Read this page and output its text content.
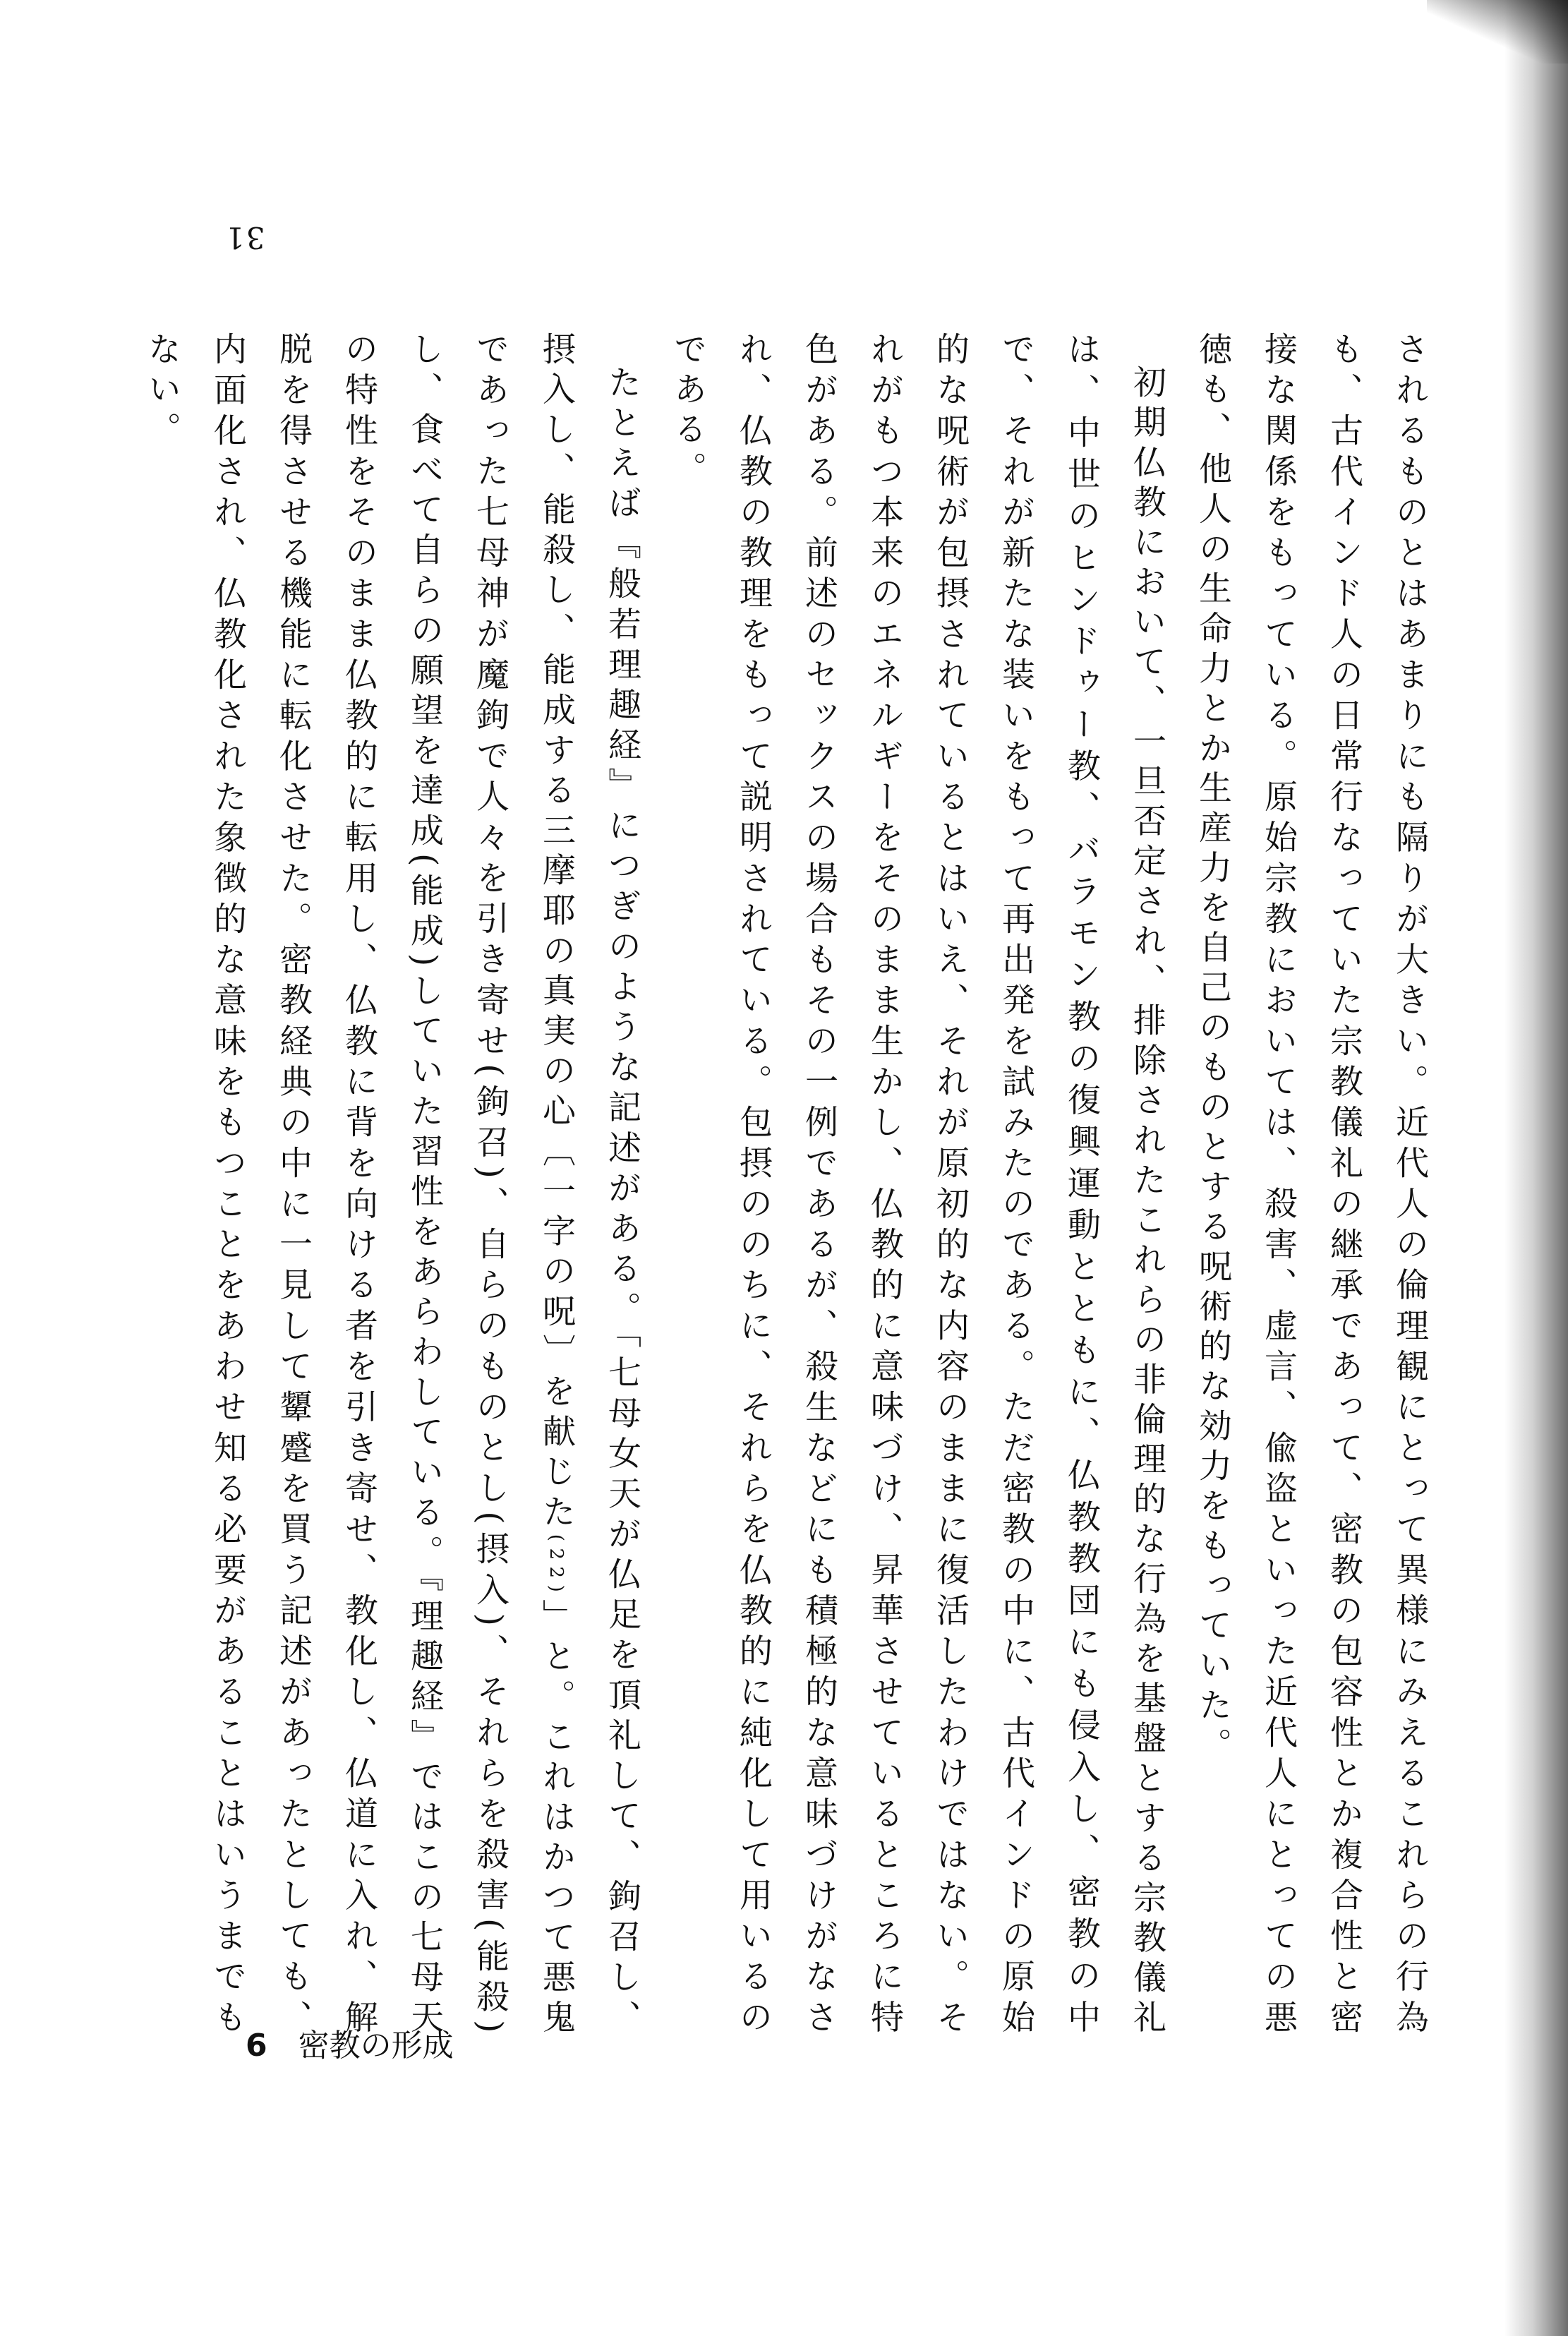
31

されるものとはあまりにも隔りが大きい。近代人の倫理観にとって異様にみえるこれらの行為も、古代インド人の日常行なっていた宗教儀礼の継承であって、密教の包容性とか複合性と密接な関係をもっている。原始宗教においては、殺害、虚言、偸盗といった近代人にとっての悪徳も、他人の生命力とか生産力を自己のものとする呪術的な効力をもっていた。

初期仏教において、一旦否定され、排除されたこれらの非倫理的な行為を基盤とする宗教儀礼は、中世のヒンドゥー教、バラモン教の復興運動とともに、仏教教団にも侵入し、密教の中で、それが新たな装いをもって再出発を試みたのである。ただ密教の中に、古代インドの原始的な呪術が包摂されているとはいえ、それが原初的な内容のままに復活したわけではない。それがもつ本来のエネルギーをそのまま生かし、仏教的に意味づけ、昇華させているところに特色がある。前述のセックスの場合もその一例であるが、殺生などにも積極的な意味づけがなされ、仏教の教理をもって説明されている。包摂ののちに、それらを仏教的に純化して用いるのである。

たとえば『般若理趣経』につぎのような記述がある。「七母女天が仏足を頂礼して、鉤召し、摂入し、能殺し、能成する三摩耶の真実の心〔一字の呪〕を献じた(22)」と。これはかつて悪鬼であった七母神が魔鉤で人々を引き寄せ(鉤召)、自らのものとし(摂入)、それらを殺害(能殺)し、食べて自らの願望を達成(能成)していた習性をあらわしている。『理趣経』ではこの七母天の特性をそのまま仏教的に転用し、仏教に背を向ける者を引き寄せ、教化し、仏道に入れ、解脱を得させる機能に転化させた。密教経典の中に一見して顰蹙を買う記述があったとしても、内面化され、仏教化された象徴的な意味をもつことをあわせ知る必要があることはいうまでもない。

6 密教の形成
